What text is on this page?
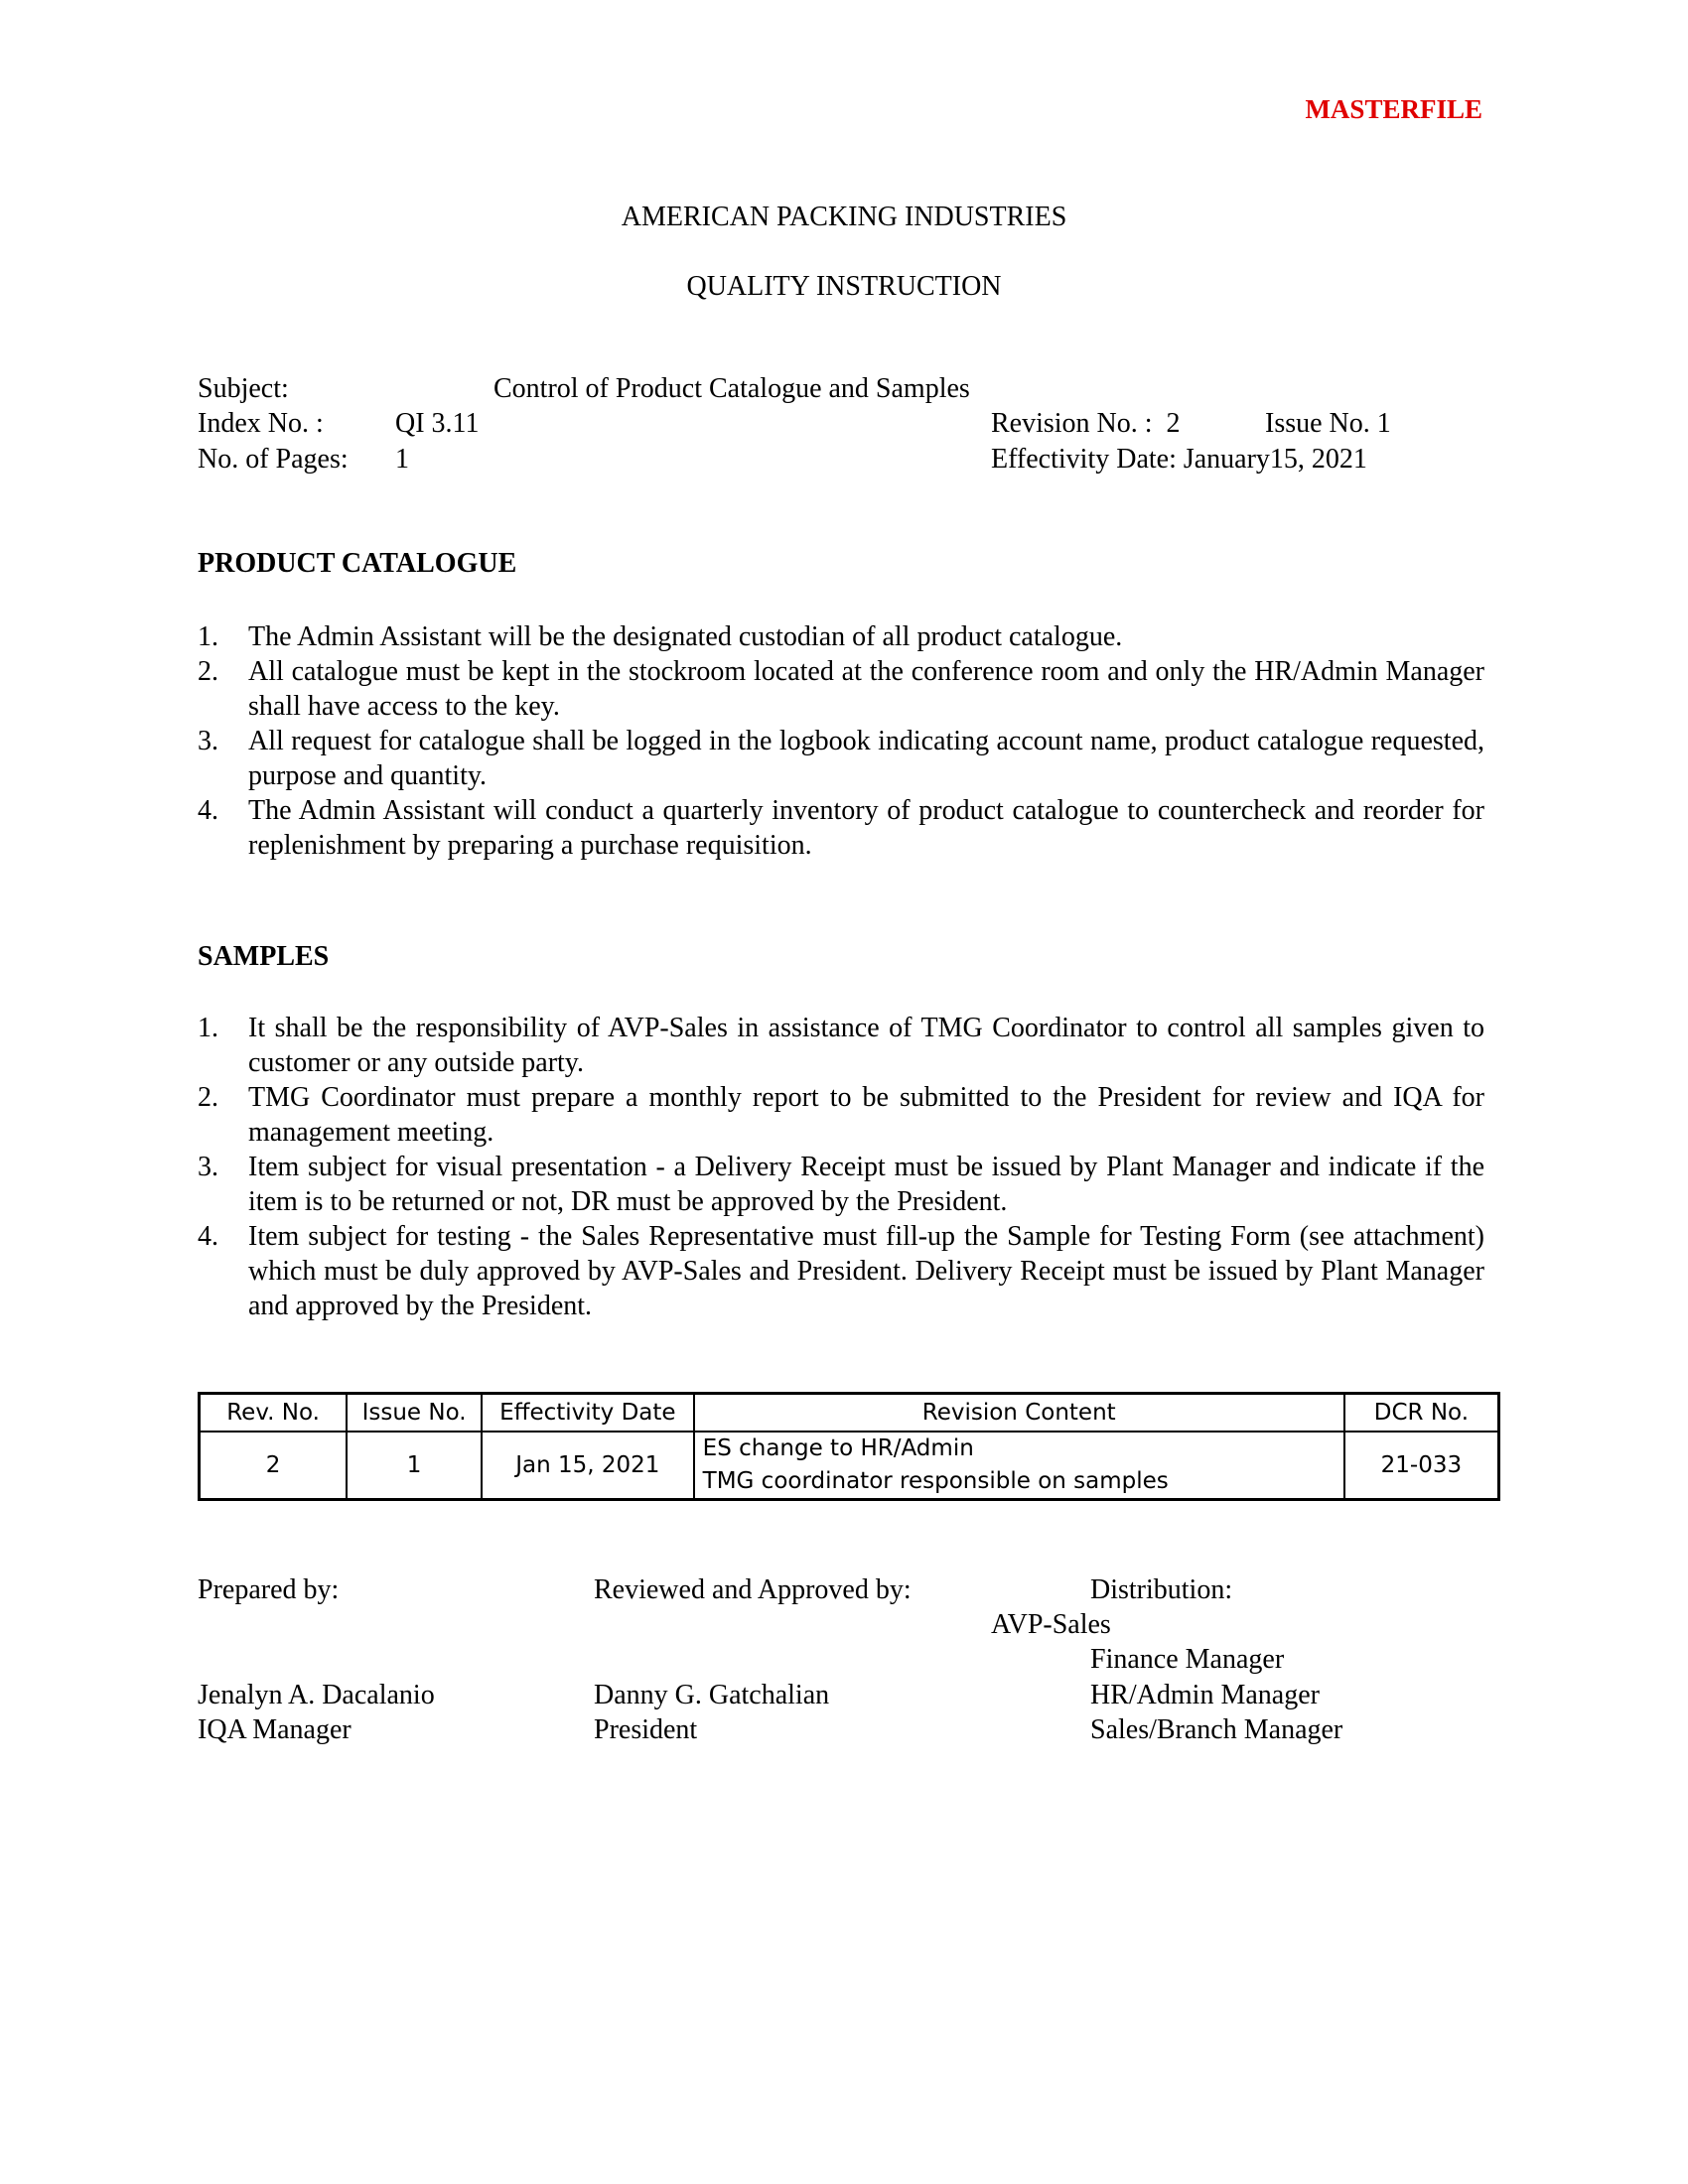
MASTERFILE
AMERICAN PACKING INDUSTRIES
QUALITY INSTRUCTION
Subject:	Control of Product Catalogue and Samples
Index No. :	QI 3.11
No. of Pages: 1
Revision No. :  2	Issue No. 1
Effectivity Date: January15, 2021
PRODUCT CATALOGUE
1. The Admin Assistant will be the designated custodian of all product catalogue.
2. All catalogue must be kept in the stockroom located at the conference room and only the HR/Admin Manager shall have access to the key.
3. All request for catalogue shall be logged in the logbook indicating account name, product catalogue requested, purpose and quantity.
4. The Admin Assistant will conduct a quarterly inventory of product catalogue to countercheck and reorder for replenishment by preparing a purchase requisition.
SAMPLES
1. It shall be the responsibility of AVP-Sales in assistance of TMG Coordinator to control all samples given to customer or any outside party.
2. TMG Coordinator must prepare a monthly report to be submitted to the President for review and IQA for management meeting.
3. Item subject for visual presentation - a Delivery Receipt must be issued by Plant Manager and indicate if the item is to be returned or not, DR must be approved by the President.
4. Item subject for testing - the Sales Representative must fill-up the Sample for Testing Form (see attachment) which must be duly approved by AVP-Sales and President. Delivery Receipt must be issued by Plant Manager and approved by the President.
Rev. No.	Issue No.	Effectivity Date	Revision Content	DCR No.
2	1	Jan 15, 2021	ES change to HR/Admin
TMG coordinator responsible on samples	21-033
Prepared by:
Jenalyn A. Dacalanio
IQA Manager
Reviewed and Approved by:
Danny G. Gatchalian
President
Distribution:
AVP-Sales
Finance Manager
HR/Admin Manager
Sales/Branch Manager
